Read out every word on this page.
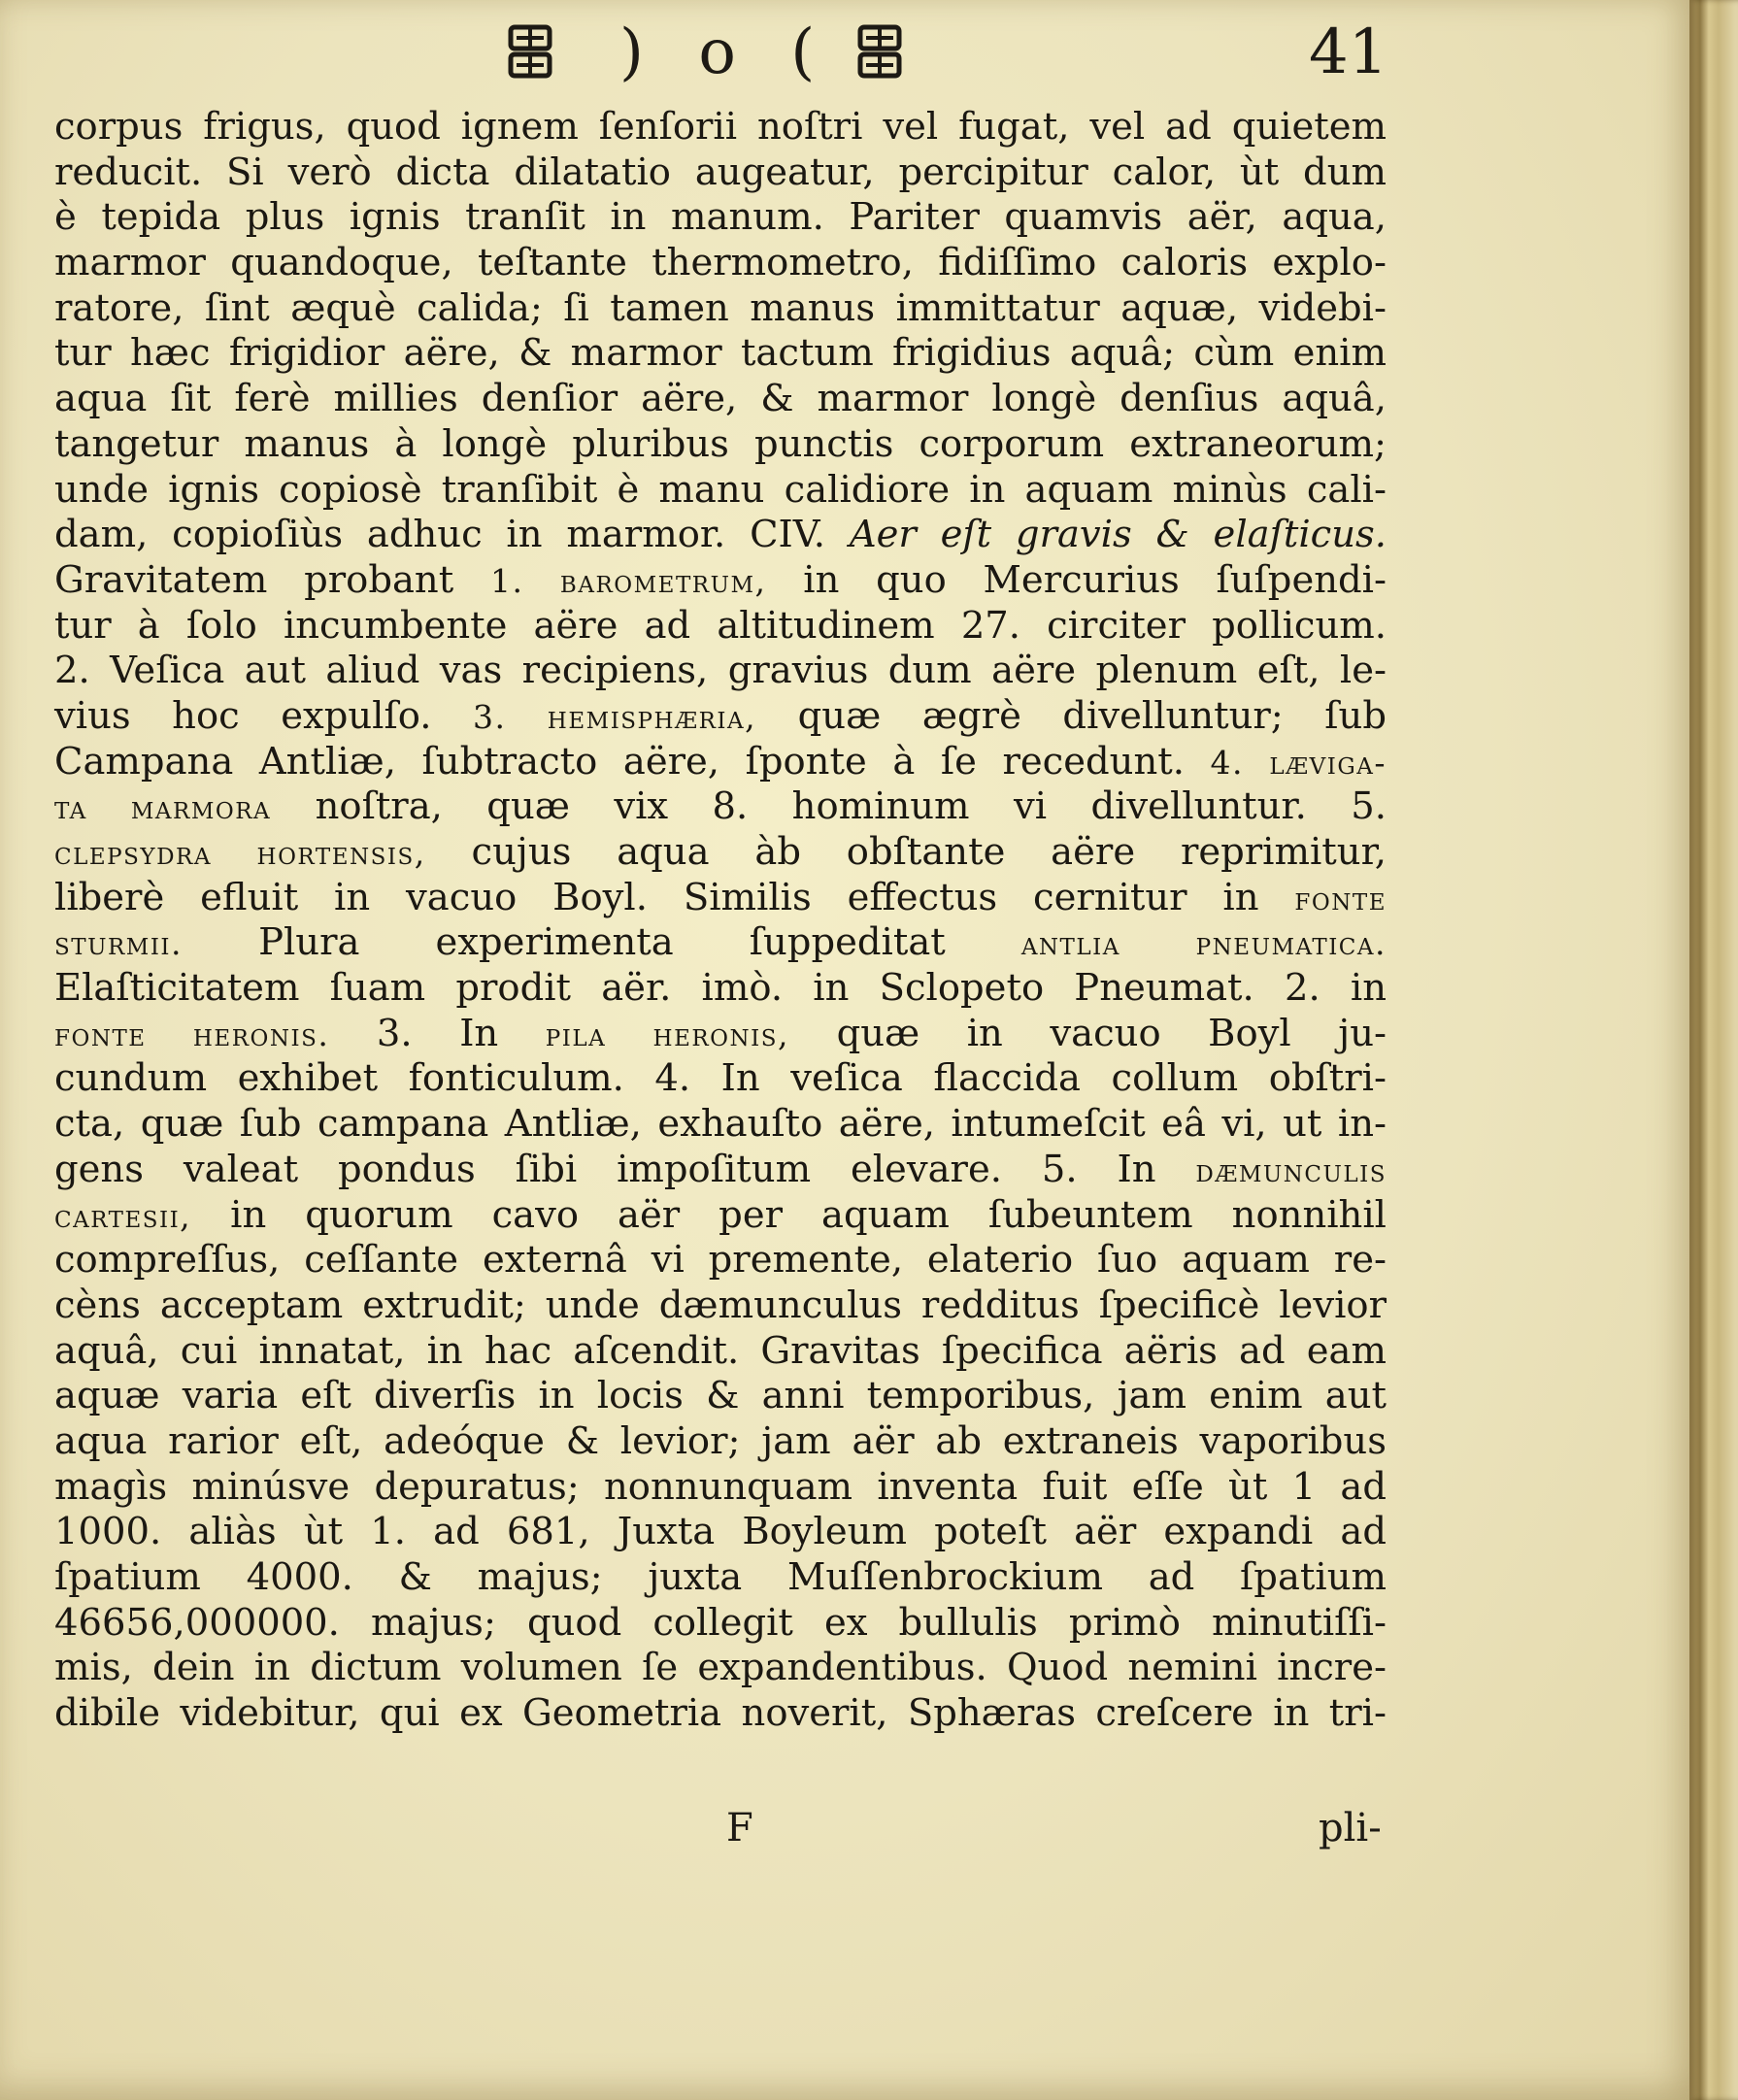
) o (	41
corpus frigus, quod ignem ſenſorii noſtri vel fugat, vel ad quietem
reducit. Si verò dicta dilatatio augeatur, percipitur calor, ùt dum
è tepida plus ignis tranſit in manum. Pariter quamvis aër, aqua,
marmor quandoque, teſtante thermometro, fidiſſimo caloris explo-
ratore, ſint æquè calida; ſi tamen manus immittatur aquæ, videbi-
tur hæc frigidior aëre, & marmor tactum frigidius aquâ; cùm enim
aqua ſit ferè millies denſior aëre, & marmor longè denſius aquâ,
tangetur manus à longè pluribus punctis corporum extraneorum;
unde ignis copiosè tranſibit è manu calidiore in aquam minùs cali-
dam, copioſiùs adhuc in marmor. CIV. Aer eſt gravis & elaſticus.
Gravitatem probant 1. barometrum, in quo Mercurius ſuſpendi-
tur à ſolo incumbente aëre ad altitudinem 27. circiter pollicum.
2. Veſica aut aliud vas recipiens, gravius dum aëre plenum eſt, le-
vius hoc expulſo. 3. hemisphæria, quæ ægrè divelluntur; ſub
Campana Antliæ, ſubtracto aëre, ſponte à ſe recedunt. 4. læviga-
ta marmora noſtra, quæ vix 8. hominum vi divelluntur. 5.
clepsydra hortensis, cujus aqua àb obſtante aëre reprimitur,
liberè efluit in vacuo Boyl. Similis effectus cernitur in fonte
sturmii. Plura experimenta ſuppeditat antlia pneumatica.
Elaſticitatem ſuam prodit aër. imò. in Sclopeto Pneumat. 2. in
fonte heronis. 3. In pila heronis, quæ in vacuo Boyl ju-
cundum exhibet fonticulum. 4. In veſica flaccida collum obſtri-
cta, quæ ſub campana Antliæ, exhauſto aëre, intumeſcit eâ vi, ut in-
gens valeat pondus ſibi impoſitum elevare. 5. In dæmunculis
cartesii, in quorum cavo aër per aquam ſubeuntem nonnihil
compreſſus, ceſſante externâ vi premente, elaterio ſuo aquam re-
cèns acceptam extrudit; unde dæmunculus redditus ſpecificè levior
aquâ, cui innatat, in hac aſcendit. Gravitas ſpecifica aëris ad eam
aquæ varia eſt diverſis in locis & anni temporibus, jam enim aut
aqua rarior eſt, adeóque & levior; jam aër ab extraneis vaporibus
magìs minúsve depuratus; nonnunquam inventa fuit eſſe ùt 1 ad
1000. aliàs ùt 1. ad 681, Juxta Boyleum poteſt aër expandi ad
ſpatium 4000. & majus; juxta Muſſenbrockium ad ſpatium
46656,000000. majus; quod collegit ex bullulis primò minutiſſi-
mis, dein in dictum volumen ſe expandentibus. Quod nemini incre-
dibile videbitur, qui ex Geometria noverit, Sphæras creſcere in tri-
F	pli-
